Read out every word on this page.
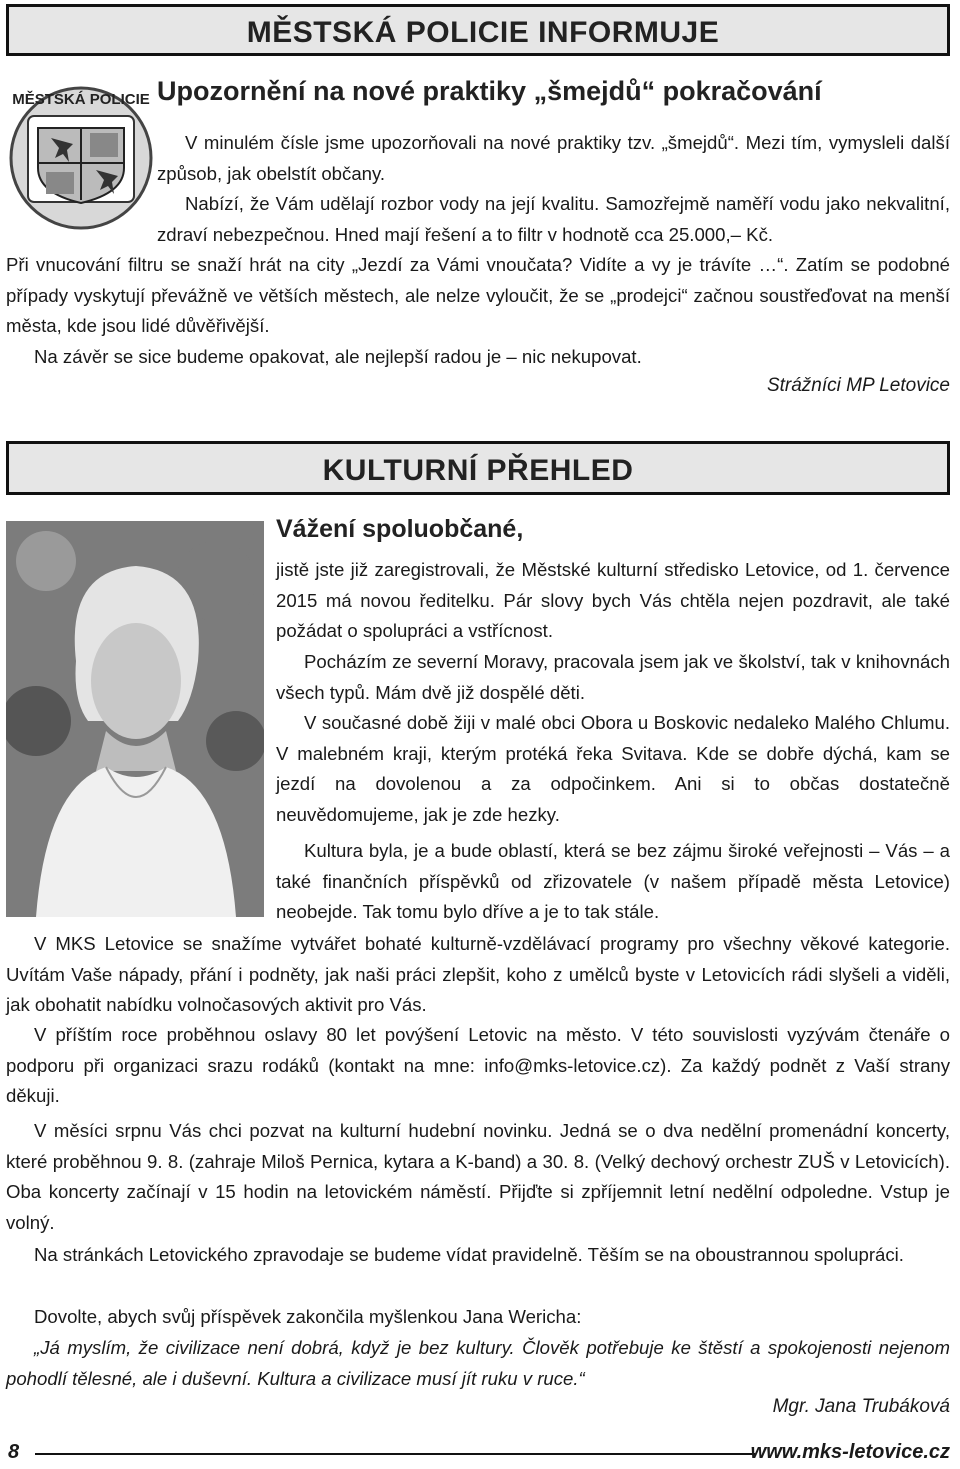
MĚSTSKÁ POLICIE INFORMUJE
MĚSTSKÁ POLICIE Upozornění na nové praktiky „šmejdů“ pokračování
V minulém čísle jsme upozorňovali na nové praktiky tzv. „šmejdů“. Mezi tím, vymysleli další způsob, jak obelstít občany.
Nabízí, že Vám udělají rozbor vody na její kvalitu. Samozřejmě naměří vodu jako nekvalitní, zdraví nebezpečnou. Hned mají řešení a to filtr v hodnotě cca 25.000,– Kč.
Při vnucování filtru se snaží hrát na city „Jezdí za Vámi vnoučata? Vidíte a vy je trávíte …“. Zatím se podobné případy vyskytují převážně ve větších městech, ale nelze vyloučit, že se „prodejci“ začnou soustřeďovat na menší města, kde jsou lidé důvěřivější.
Na závěr se sice budeme opakovat, ale nejlepší radou je – nic nekupovat.
Strážníci MP Letovice
KULTURNÍ PŘEHLED
Vážení spoluobčané,
jistě jste již zaregistrovali, že Městské kulturní středisko Letovice, od 1. července 2015 má novou ředitelku. Pár slovy bych Vás chtěla nejen pozdravit, ale také požádat o spolupráci a vstřícnost.
Pocházím ze severní Moravy, pracovala jsem jak ve školství, tak v knihovnách všech typů. Mám dvě již dospělé děti.
V současné době žiji v malé obci Obora u Boskovic nedaleko Malého Chlumu. V malebném kraji, kterým protéká řeka Svitava. Kde se dobře dýchá, kam se jezdí na dovolenou a za odpočinkem. Ani si to občas dostatečně neuvědomujeme, jak je zde hezky.
Kultura byla, je a bude oblastí, která se bez zájmu široké veřejnosti – Vás – a také finančních příspěvků od zřizovatele (v našem případě města Letovice) neobejde. Tak tomu bylo dříve a je to tak stále.
V MKS Letovice se snažíme vytvářet bohaté kulturně-vzdělávací programy pro všechny věkové kategorie. Uvítám Vaše nápady, přání i podněty, jak naši práci zlepšit, koho z umělců byste v Letovicích rádi slyšeli a viděli, jak obohatit nabídku volnočasových aktivit pro Vás.
V příštím roce proběhnou oslavy 80 let povýšení Letovic na město. V této souvislosti vyzývám čtenáře o podporu při organizaci srazu rodáků (kontakt na mne: info@mks-letovice.cz). Za každý podnět z Vaší strany děkuji.
V měsíci srpnu Vás chci pozvat na kulturní hudební novinku. Jedná se o dva nedělní promenádní koncerty, které proběhnou 9. 8. (zahraje Miloš Pernica, kytara a K-band) a 30. 8. (Velký dechový orchestr ZUŠ v Letovicích). Oba koncerty začínají v 15 hodin na letovickém náměstí. Přijďte si zpříjemnit letní nedělní odpoledne. Vstup je volný.
Na stránkách Letovického zpravodaje se budeme vídat pravidelně. Těším se na oboustrannou spolupráci.
Dovolte, abych svůj příspěvek zakončila myšlenkou Jana Wericha:
„Já myslím, že civilizace není dobrá, když je bez kultury. Člověk potřebuje ke štěstí a spokojenosti nejenom pohodlí tělesné, ale i duševní. Kultura a civilizace musí jít ruku v ruce.“
Mgr. Jana Trubáková
8	www.mks-letovice.cz
